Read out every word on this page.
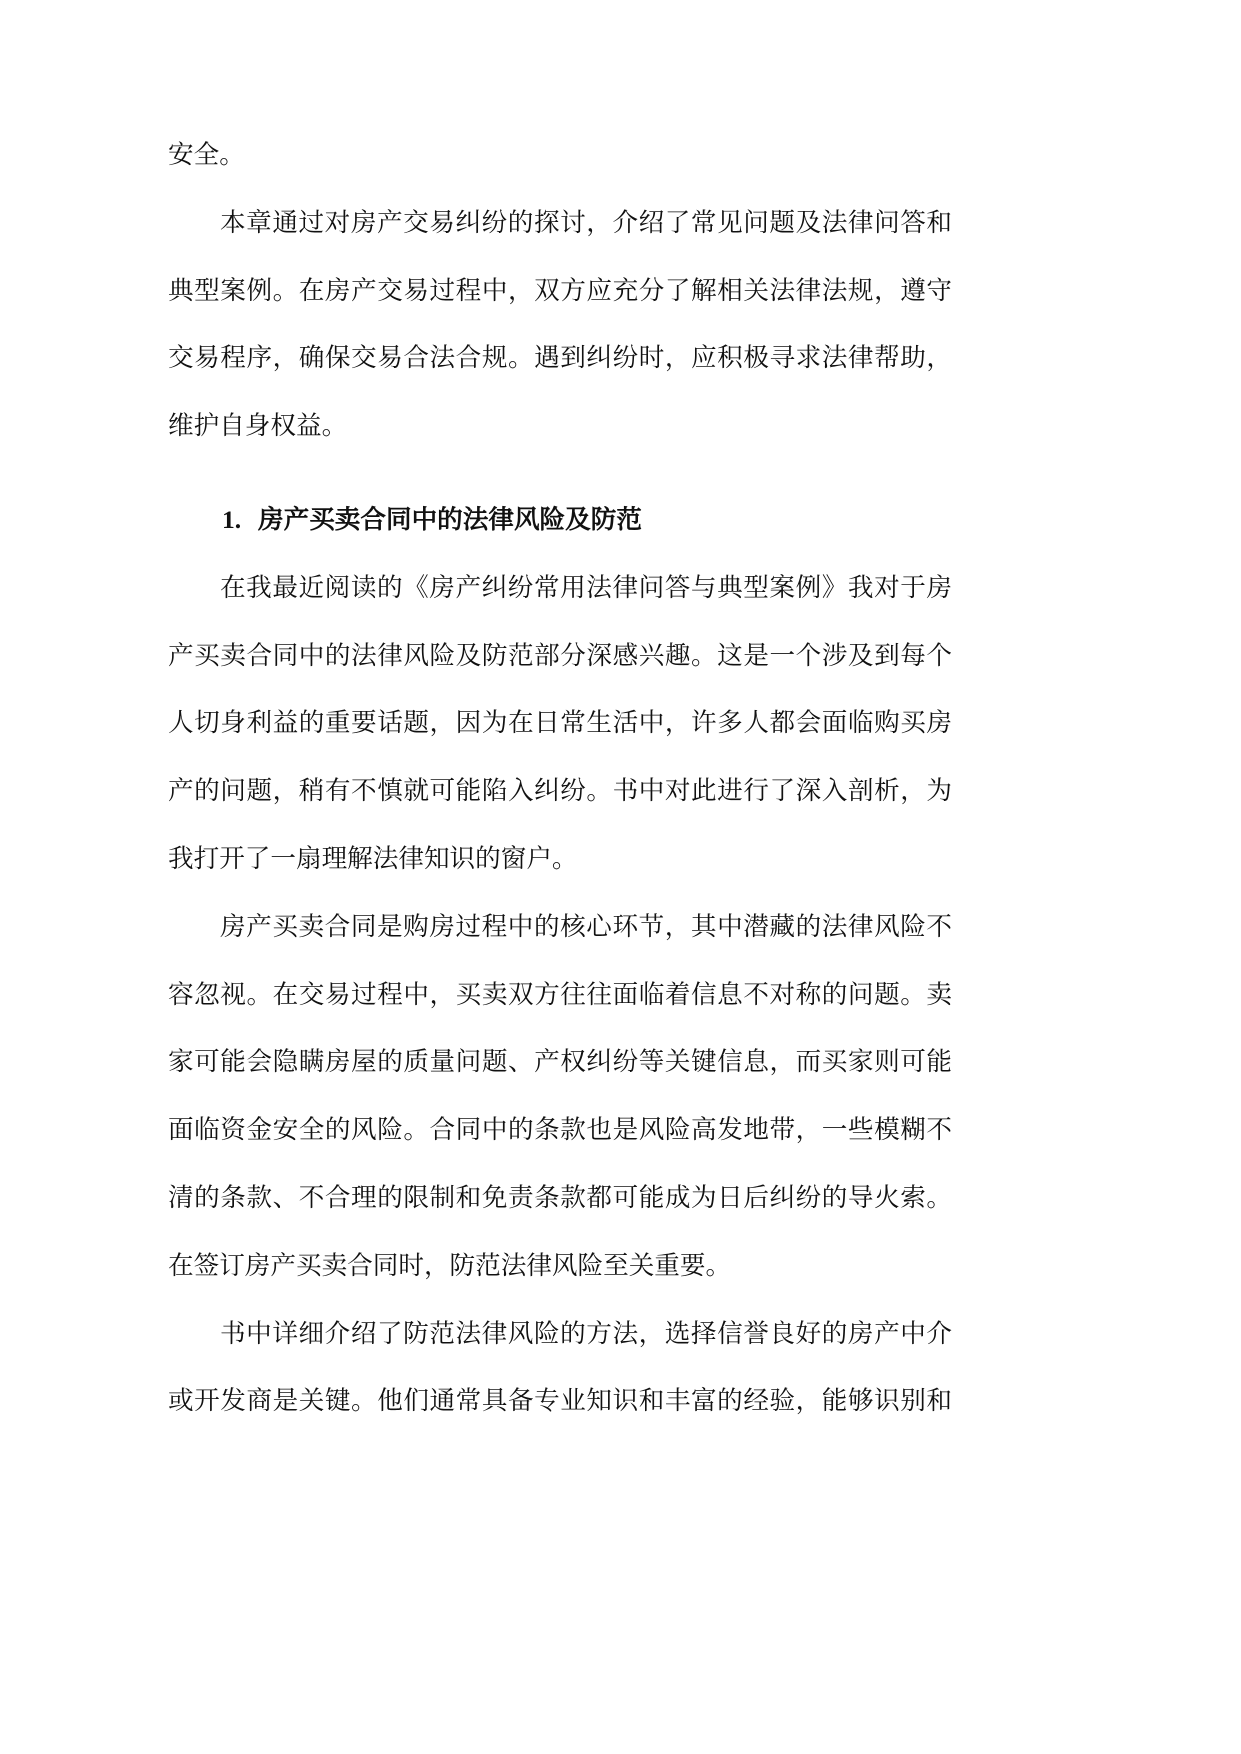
安全。
本章通过对房产交易纠纷的探讨，介绍了常见问题及法律问答和
典型案例。在房产交易过程中，双方应充分了解相关法律法规，遵守
交易程序，确保交易合法合规。遇到纠纷时，应积极寻求法律帮助，
维护自身权益。
1. 房产买卖合同中的法律风险及防范
在我最近阅读的《房产纠纷常用法律问答与典型案例》我对于房
产买卖合同中的法律风险及防范部分深感兴趣。这是一个涉及到每个
人切身利益的重要话题，因为在日常生活中，许多人都会面临购买房
产的问题，稍有不慎就可能陷入纠纷。书中对此进行了深入剖析，为
我打开了一扇理解法律知识的窗户。
房产买卖合同是购房过程中的核心环节，其中潜藏的法律风险不
容忽视。在交易过程中，买卖双方往往面临着信息不对称的问题。卖
家可能会隐瞒房屋的质量问题、产权纠纷等关键信息，而买家则可能
面临资金安全的风险。合同中的条款也是风险高发地带，一些模糊不
清的条款、不合理的限制和免责条款都可能成为日后纠纷的导火索。
在签订房产买卖合同时，防范法律风险至关重要。
书中详细介绍了防范法律风险的方法，选择信誉良好的房产中介
或开发商是关键。他们通常具备专业知识和丰富的经验，能够识别和
